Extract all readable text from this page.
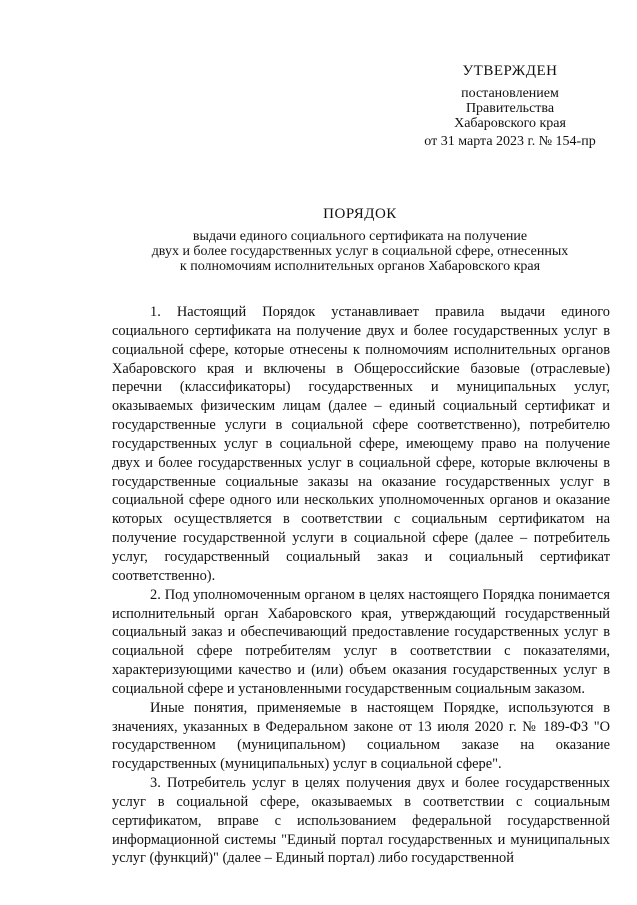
УТВЕРЖДЕН
постановлением
Правительства
Хабаровского края
от 31 марта 2023 г. № 154-пр
ПОРЯДОК
выдачи единого социального сертификата на получение
двух и более государственных услуг в социальной сфере, отнесенных
к полномочиям исполнительных органов Хабаровского края

1. Настоящий Порядок устанавливает правила выдачи единого социального сертификата на получение двух и более государственных услуг в социальной сфере, которые отнесены к полномочиям исполнительных органов Хабаровского края и включены в Общероссийские базовые (отраслевые) перечни (классификаторы) государственных и муниципальных услуг, оказываемых физическим лицам (далее – единый социальный сертификат и государственные услуги в социальной сфере соответственно), потребителю государственных услуг в социальной сфере, имеющему право на получение двух и более государственных услуг в социальной сфере, которые включены в государственные социальные заказы на оказание государственных услуг в социальной сфере одного или нескольких уполномоченных органов и оказание которых осуществляется в соответствии с социальным сертификатом на получение государственной услуги в социальной сфере (далее – потребитель услуг, государственный социальный заказ и социальный сертификат соответственно).

2. Под уполномоченным органом в целях настоящего Порядка понимается исполнительный орган Хабаровского края, утверждающий государственный социальный заказ и обеспечивающий предоставление государственных услуг в социальной сфере потребителям услуг в соответствии с показателями, характеризующими качество и (или) объем оказания государственных услуг в социальной сфере и установленными государственным социальным заказом.

Иные понятия, применяемые в настоящем Порядке, используются в значениях, указанных в Федеральном законе от 13 июля 2020 г. № 189-ФЗ "О государственном (муниципальном) социальном заказе на оказание государственных (муниципальных) услуг в социальной сфере".

3. Потребитель услуг в целях получения двух и более государственных услуг в социальной сфере, оказываемых в соответствии с социальным сертификатом, вправе с использованием федеральной государственной информационной системы "Единый портал государственных и муниципальных услуг (функций)" (далее – Единый портал) либо государственной
